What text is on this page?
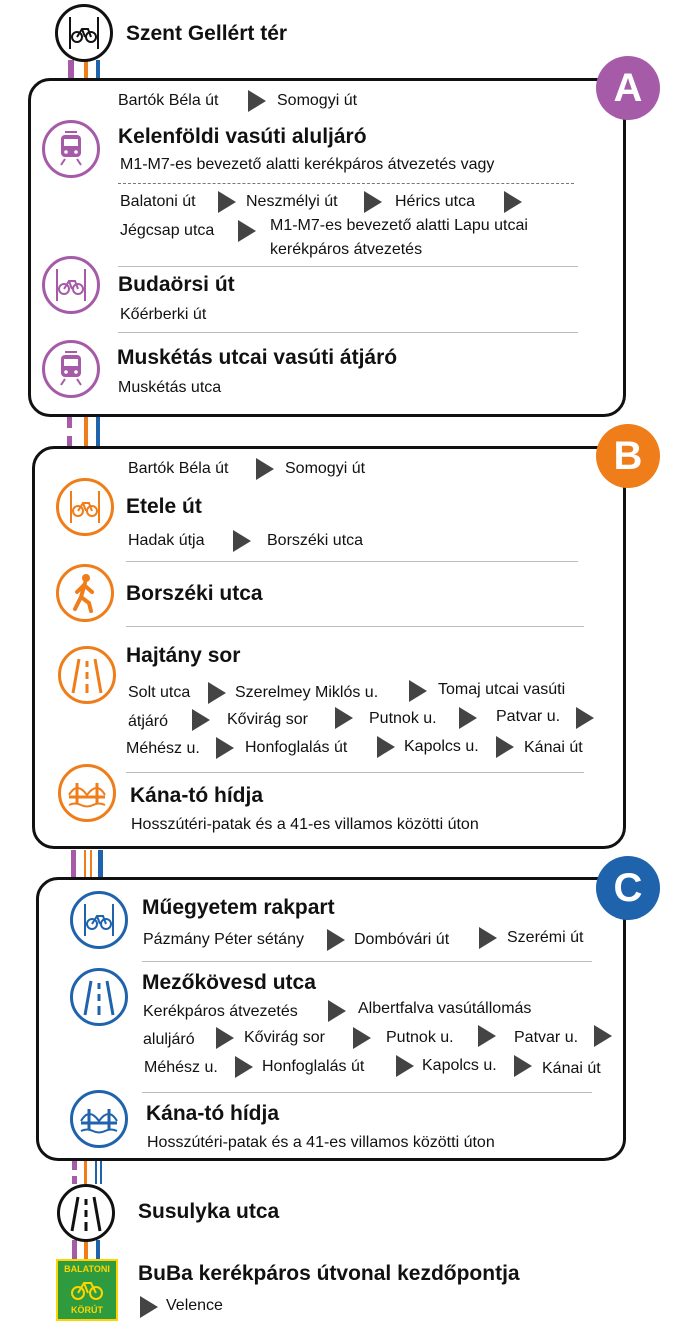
Szent Gellért tér
A
Bartók Béla út	Somogyi út
Kelenföldi vasúti aluljáró
M1-M7-es bevezető alatti kerékpáros átvezetés vagy
Balatoni út	Neszmélyi út	Hérics utca
Jégcsap utca	M1-M7-es bevezető alatti Lapu utcai
kerékpáros átvezetés
Budaörsi út
Kőérberki út
Muskétás utcai vasúti átjáró
Muskétás utca
B
Bartók Béla út	Somogyi út
Etele út
Hadak útja	Borszéki utca
Borszéki utca
Hajtány sor
Solt utca	Szerelmey Miklós u.	Tomaj utcai vasúti
átjáró	Kővirág sor	Putnok u.	Patvar u.
Méhész u.	Honfoglalás út	Kapolcs u.	Kánai út
Kána-tó hídja
Hosszútéri-patak és a 41-es villamos közötti úton
C
Műegyetem rakpart
Pázmány Péter sétány	Dombóvári út	Szerémi út
Mezőkövesd utca
Kerékpáros átvezetés	Albertfalva vasútállomás
aluljáró	Kővirág sor	Putnok u.	Patvar u.
Méhész u.	Honfoglalás út	Kapolcs u.	Kánai út
Kána-tó hídja
Hosszútéri-patak és a 41-es villamos közötti úton
Susulyka utca
BALATONI
KÖRÚT
BuBa kerékpáros útvonal kezdőpontja
Velence
